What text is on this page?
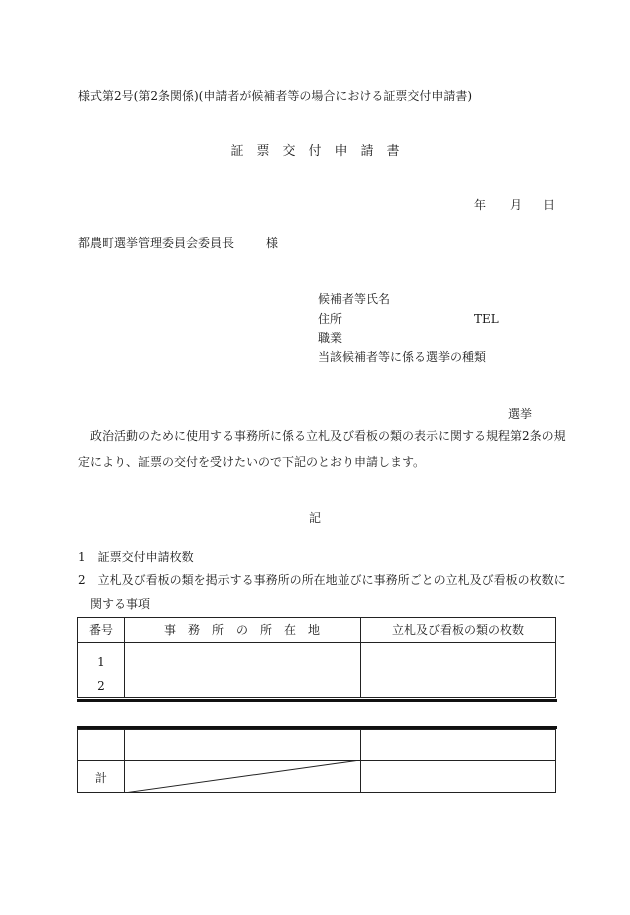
様式第2号(第2条関係)(申請者が候補者等の場合における証票交付申請書)
証　票　交　付　申　請　書
年 月 日
都農町選挙管理委員会委員長	様
候補者等氏名
住所	TEL
職業
当該候補者等に係る選挙の種類
選挙
政治活動のために使用する事務所に係る立札及び看板の類の表示に関する規程第2条の規
定により、証票の交付を受けたいので下記のとおり申請します。
記
1　証票交付申請枚数
2　立札及び看板の類を掲示する事務所の所在地並びに事務所ごとの立札及び看板の枚数に
関する事項
番号	事　務　所　の　所　在　地	立札及び看板の類の枚数
1
2
計
